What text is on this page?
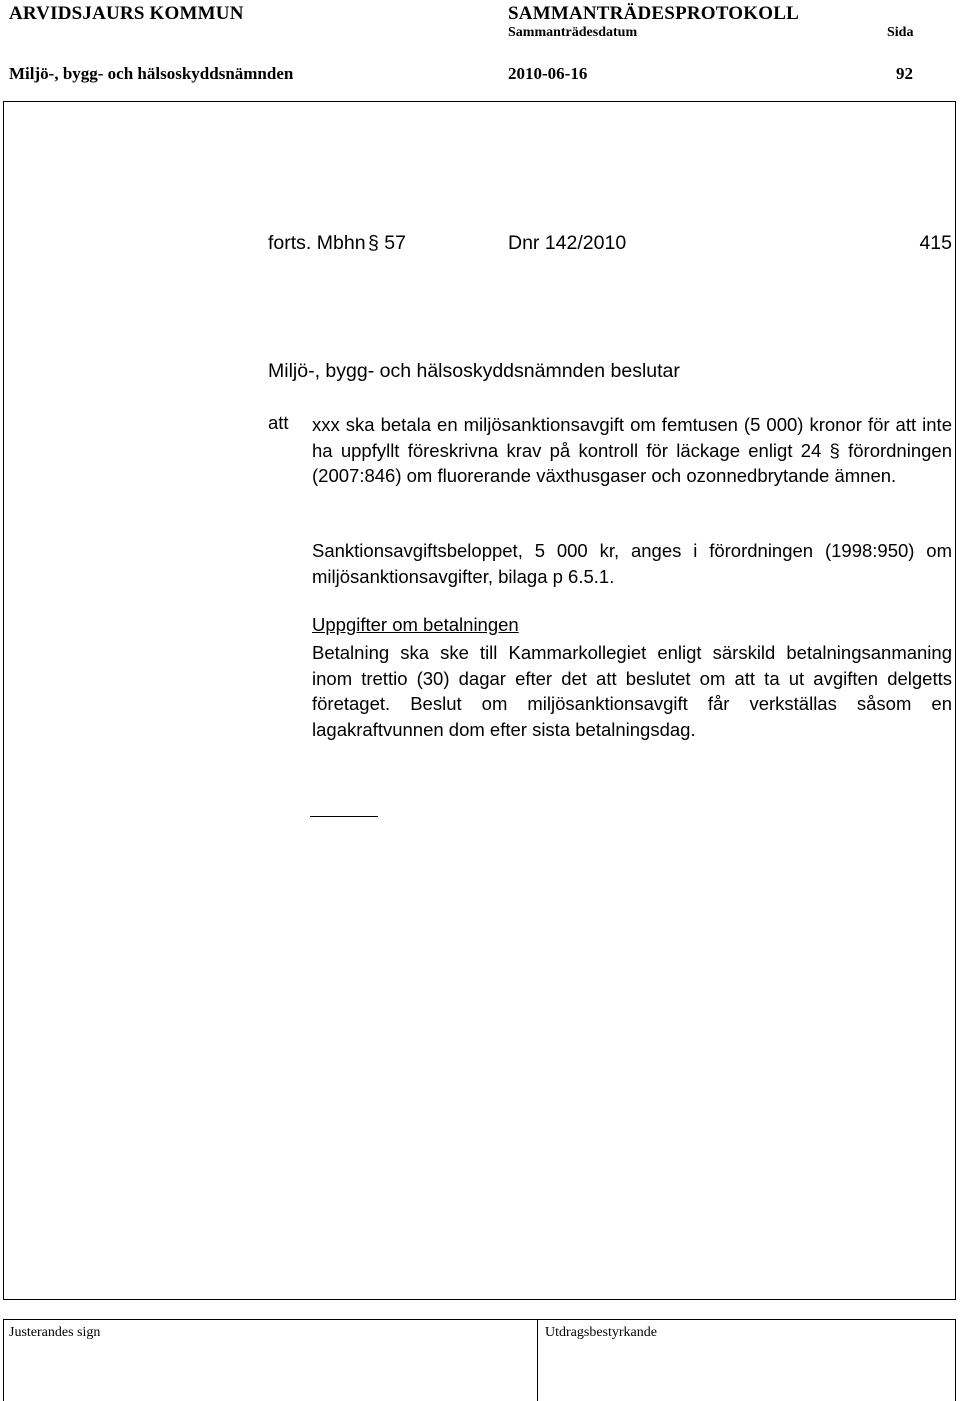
ARVIDSJAURS KOMMUN	SAMMANTRÄDESPROTOKOLL
Sammanträdesdatum	Sida
Miljö-, bygg- och hälsoskyddsnämnden	2010-06-16	92
forts. Mbhn § 57	Dnr 142/2010	415
Miljö-, bygg- och hälsoskyddsnämnden beslutar
att xxx ska betala en miljösanktionsavgift om femtusen (5 000) kronor för att inte ha uppfyllt föreskrivna krav på kontroll för läckage enligt 24 § förordningen (2007:846) om fluorerande växthusgaser och ozonnedbrytande ämnen.
Sanktionsavgiftsbeloppet, 5 000 kr, anges i förordningen (1998:950) om miljösanktionsavgifter, bilaga p 6.5.1.
Uppgifter om betalningen
Betalning ska ske till Kammarkollegiet enligt särskild betalningsanmaning inom trettio (30) dagar efter det att beslutet om att ta ut avgiften delgetts företaget. Beslut om miljösanktionsavgift får verkställas såsom en lagakraftvunnen dom efter sista betalningsdag.
Justerandes sign	Utdragsbestyrkande
